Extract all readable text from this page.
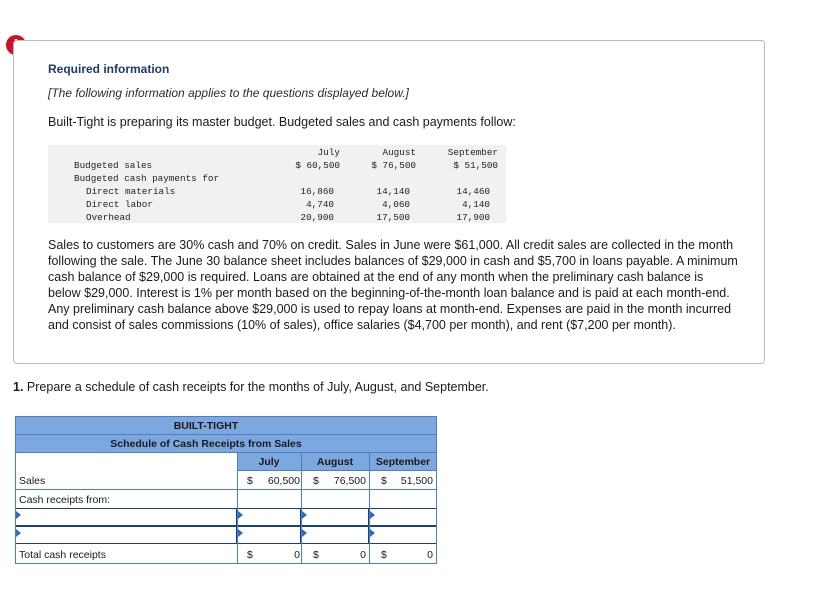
Required information
[The following information applies to the questions displayed below.]
Built-Tight is preparing its master budget. Budgeted sales and cash payments follow:
July	August	September
Budgeted sales	$ 60,500	$ 76,500	$ 51,500
Budgeted cash payments for
Direct materials	16,860	14,140	14,460
Direct labor	4,740	4,060	4,140
Overhead	20,900	17,500	17,900
Sales to customers are 30% cash and 70% on credit. Sales in June were $61,000. All credit sales are collected in the month following the sale. The June 30 balance sheet includes balances of $29,000 in cash and $5,700 in loans payable. A minimum cash balance of $29,000 is required. Loans are obtained at the end of any month when the preliminary cash balance is below $29,000. Interest is 1% per month based on the beginning-of-the-month loan balance and is paid at each month-end. Any preliminary cash balance above $29,000 is used to repay loans at month-end. Expenses are paid in the month incurred and consist of sales commissions (10% of sales), office salaries ($4,700 per month), and rent ($7,200 per month).
1. Prepare a schedule of cash receipts for the months of July, August, and September.
BUILT-TIGHT
Schedule of Cash Receipts from Sales
July	August	September
Sales	$	60,500 $	76,500 $	51,500
Cash receipts from:
Total cash receipts	$	0 $	0 $	0
